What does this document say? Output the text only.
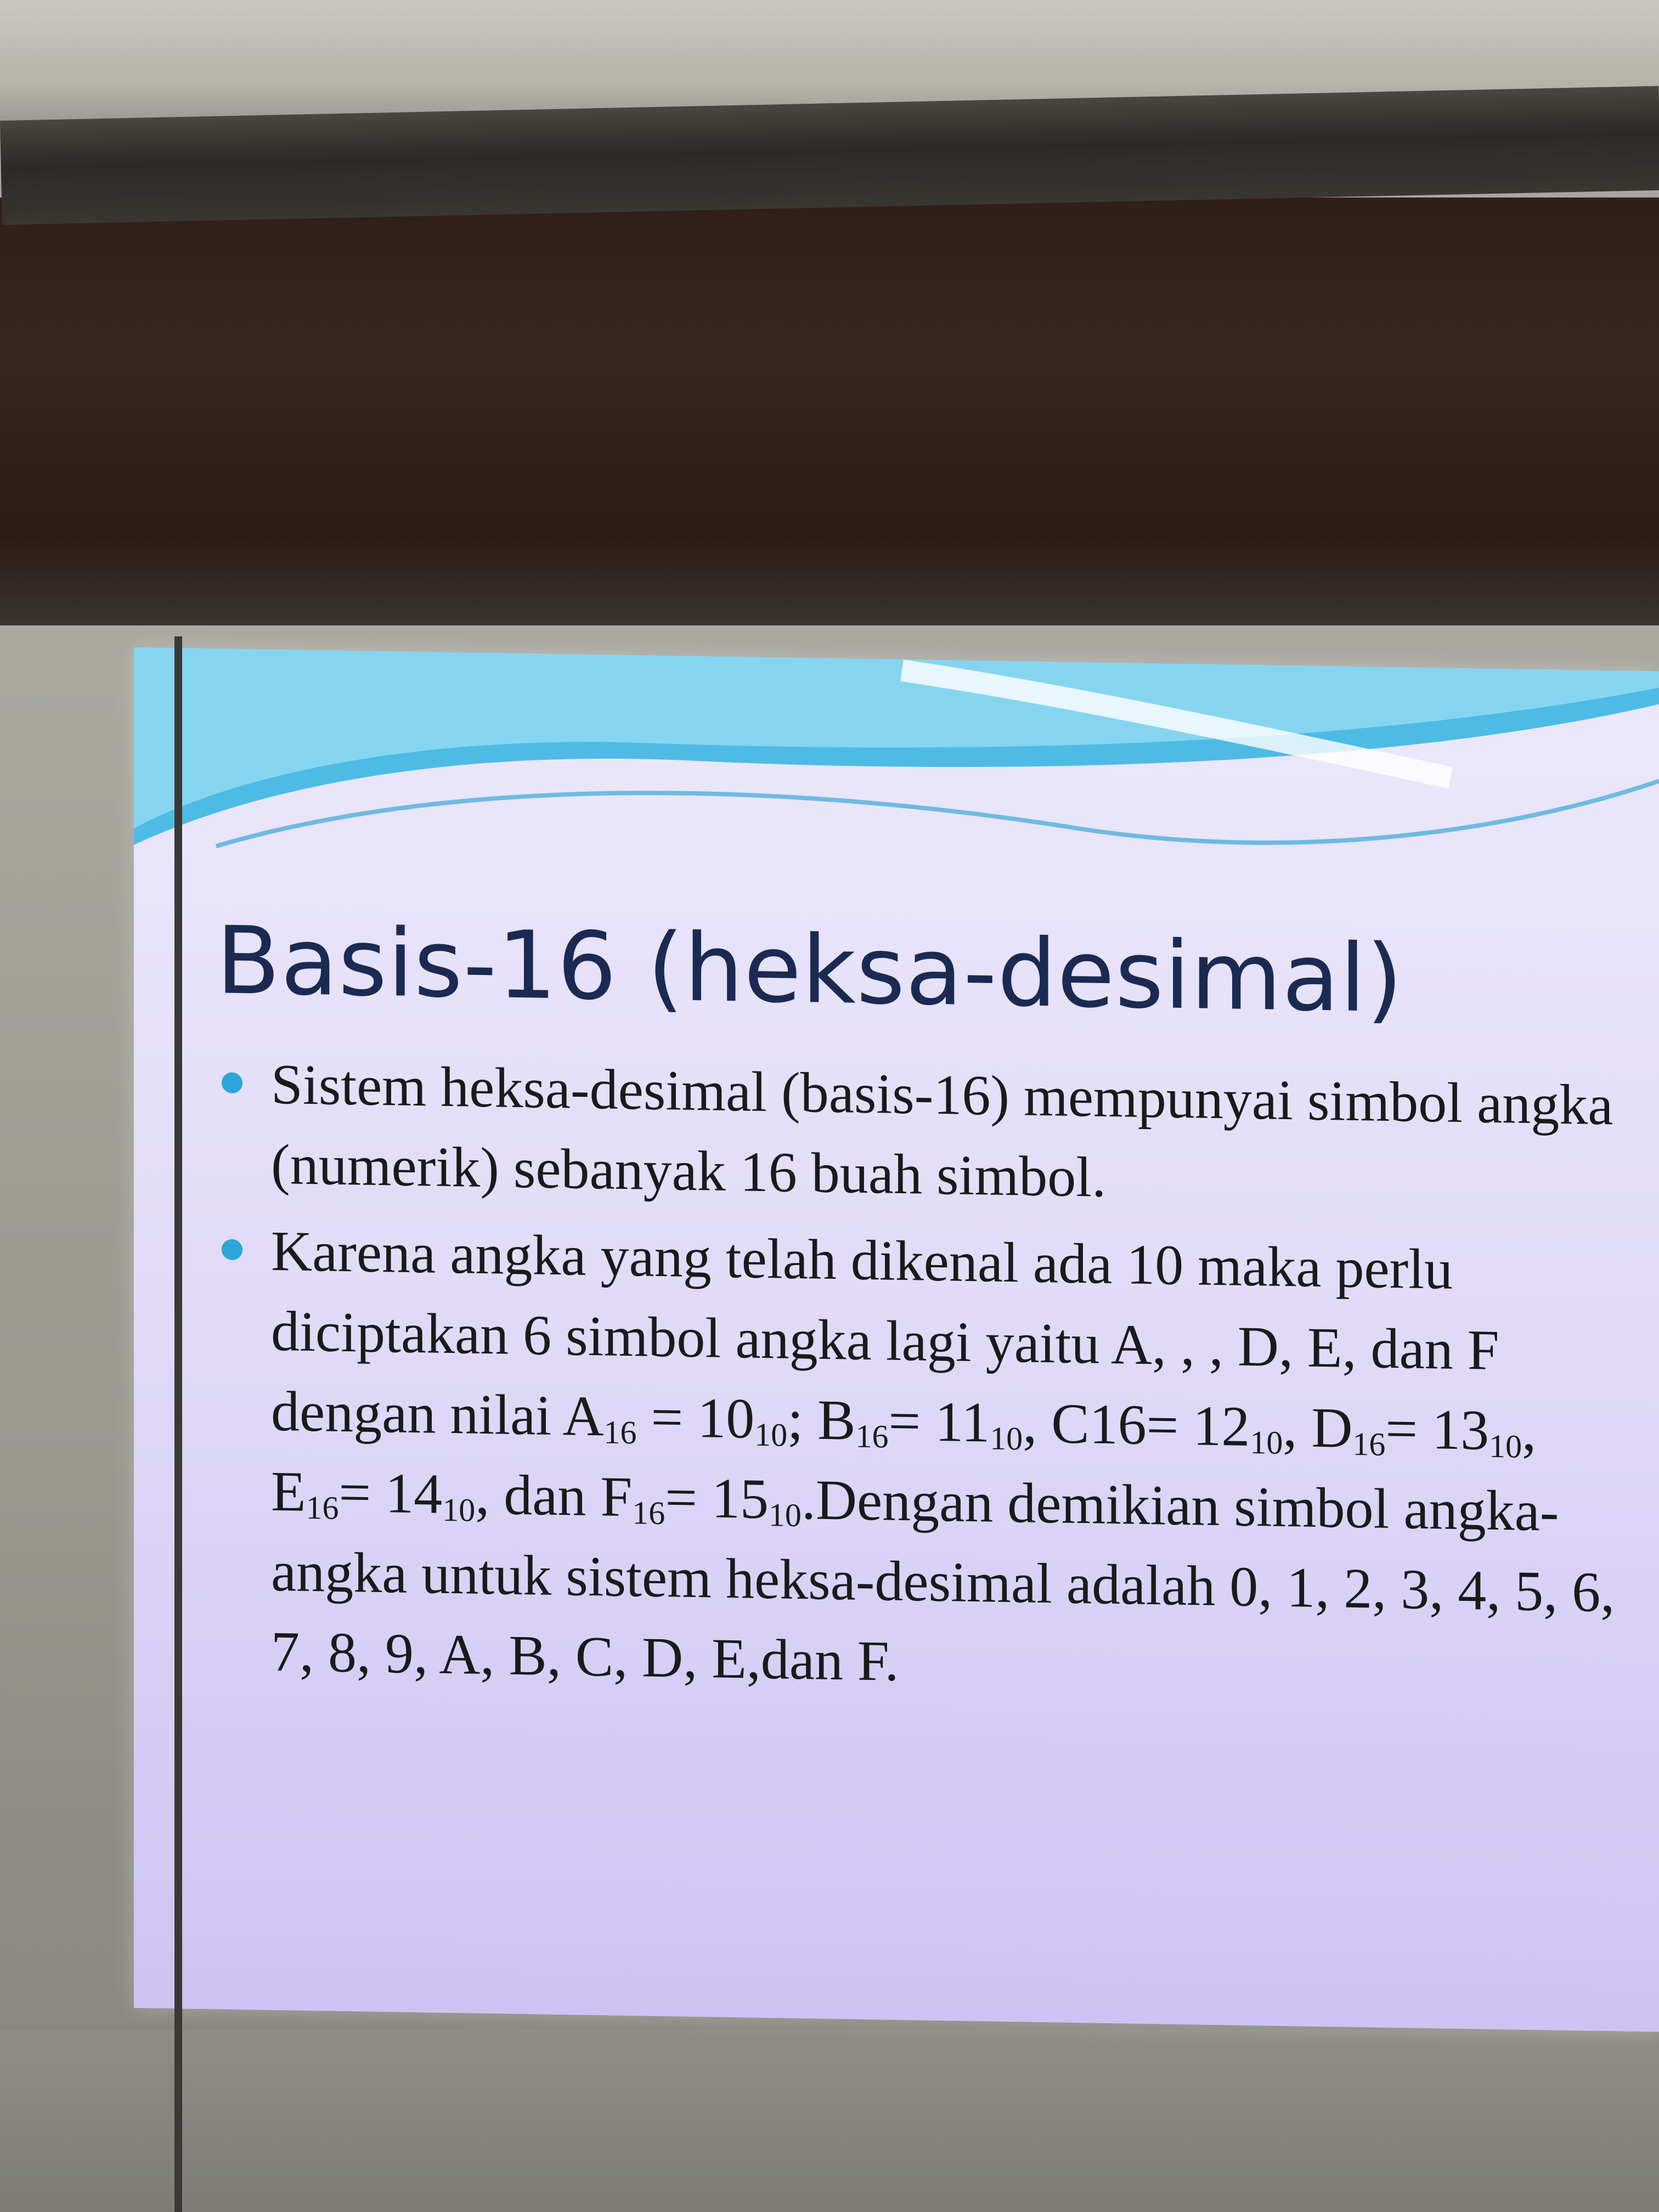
Basis-16 (heksa-desimal)
Sistem heksa-desimal (basis-16) mempunyai simbol angka (numerik) sebanyak 16 buah simbol.
Karena angka yang telah dikenal ada 10 maka perlu diciptakan 6 simbol angka lagi yaitu A, , , D, E, dan F dengan nilai $A_{16} = 10_{10}$; $B_{16}= 11_{10}$, $C16= 12_{10}$, $D_{16}= 13_{10}$, $E_{16}= 14_{10}$, dan $F_{16}=$ $15_{10}.Dengan$ demikian simbol angka-angka untuk sistem heksa-desimal adalah 0, 1, 2, 3, 4, 5, 6, 7, 8, 9, A, B, C, D, E,dan F.
